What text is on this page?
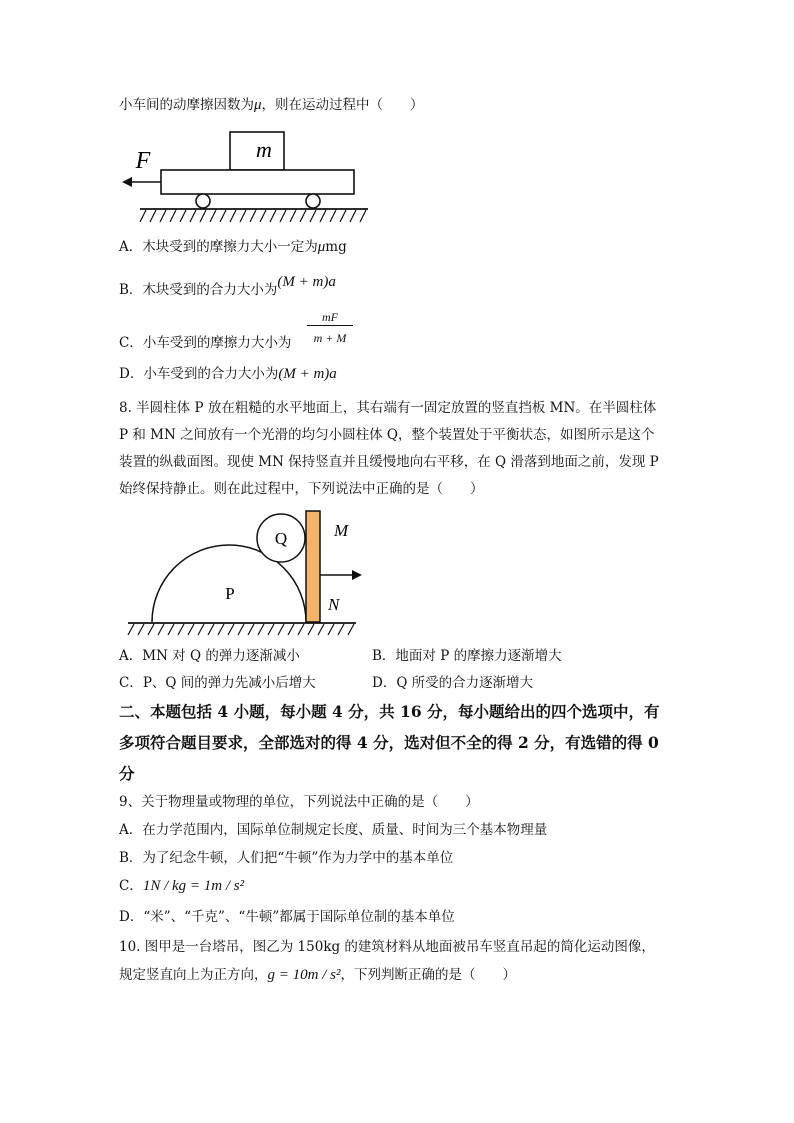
小车间的动摩擦因数为μ，则在运动过程中（　　）
m
F
A．木块受到的摩擦力大小一定为μmg
B．木块受到的合力大小为(M + m)a
C．小车受到的摩擦力大小为 $\frac{mF}{m + M}$
D．小车受到的合力大小为(M + m)a
8. 半圆柱体 P 放在粗糙的水平地面上，其右端有一固定放置的竖直挡板 MN。在半圆柱体
P 和 MN 之间放有一个光滑的均匀小圆柱体 Q，整个装置处于平衡状态，如图所示是这个
装置的纵截面图。现使 MN 保持竖直并且缓慢地向右平移，在 Q 滑落到地面之前，发现 P
始终保持静止。则在此过程中，下列说法中正确的是（　　）
P
Q	M
N
A．MN 对 Q 的弹力逐渐减小	B．地面对 P 的摩擦力逐渐增大
C．P、Q 间的弹力先减小后增大	D．Q 所受的合力逐渐增大
二、本题包括 4 小题，每小题 4 分，共 16 分，每小题给出的四个选项中，有
多项符合题目要求，全部选对的得 4 分，选对但不全的得 2 分，有选错的得 0
分
9、关于物理量或物理的单位，下列说法中正确的是（　　）
A．在力学范围内，国际单位制规定长度、质量、时间为三个基本物理量
B．为了纪念牛顿，人们把“牛顿”作为力学中的基本单位
C．1N / kg = 1m / s²
D．“米”、“千克”、“牛顿”都属于国际单位制的基本单位
10. 图甲是一台塔吊，图乙为 150kg 的建筑材料从地面被吊车竖直吊起的简化运动图像，
规定竖直向上为正方向，g = 10m / s²，下列判断正确的是（　　）
